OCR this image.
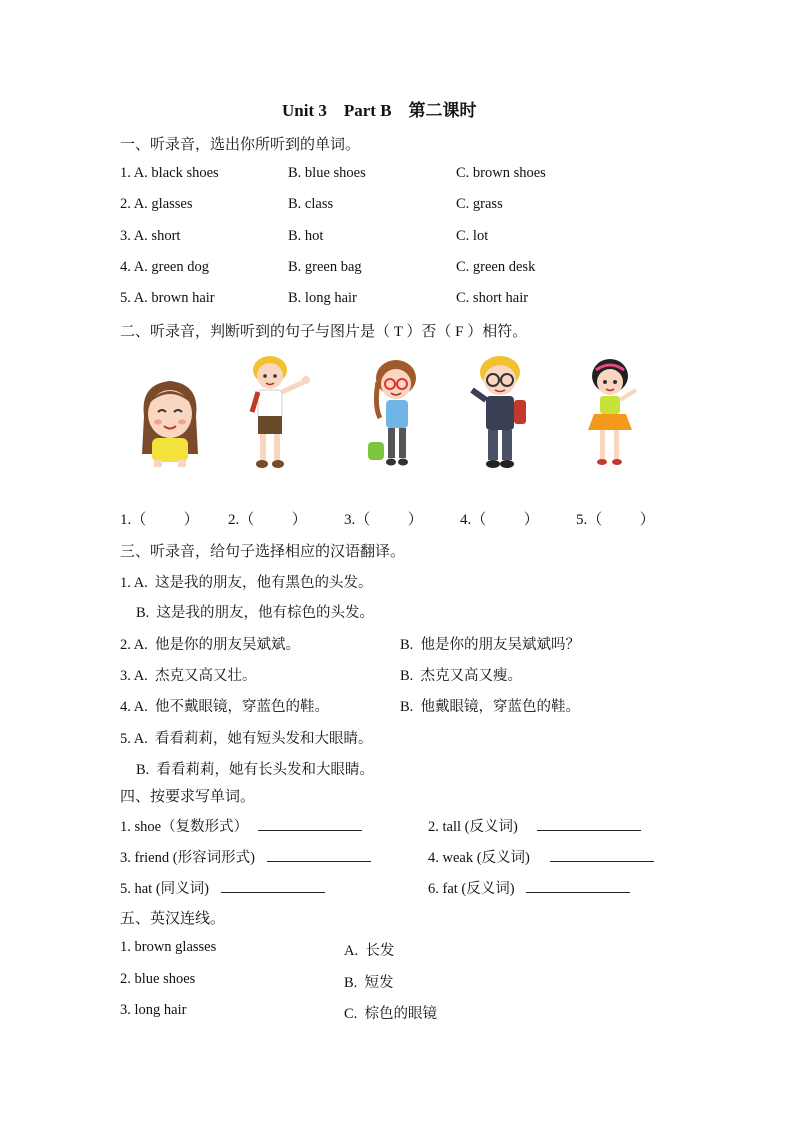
Unit 3    Part B    第二课时
一、听录音，选出你所听到的单词。
1. A. black shoes	B. blue shoes	C. brown shoes
2. A. glasses	B. class	C. grass
3. A. short	B. hot	C. lot
4. A. green dog	B. green bag	C. green desk
5. A. brown hair	B. long hair	C. short hair
二、听录音，判断听到的句子与图片是（ T ）否（ F ）相符。
1.（          ） 2.（          ） 3.（          ） 4.（          ） 5.（          ）
三、听录音，给句子选择相应的汉语翻译。
1. A.  这是我的朋友，他有黑色的头发。
B.  这是我的朋友，他有棕色的头发。
2. A.  他是你的朋友吴斌斌。	B.  他是你的朋友吴斌斌吗？
3. A.  杰克又高又壮。	B.  杰克又高又瘦。
4. A.  他不戴眼镜，穿蓝色的鞋。	B.  他戴眼镜，穿蓝色的鞋。
5. A.  看看莉莉，她有短头发和大眼睛。
B.  看看莉莉，她有长头发和大眼睛。
四、按要求写单词。
1. shoe（复数形式）	2. tall (反义词)
3. friend (形容词形式)	4. weak (反义词)
5. hat (同义词)	6. fat (反义词)
五、英汉连线。
1. brown glasses
2. blue shoes
3. long hair
A.  长发
B.  短发
C.  棕色的眼镜
